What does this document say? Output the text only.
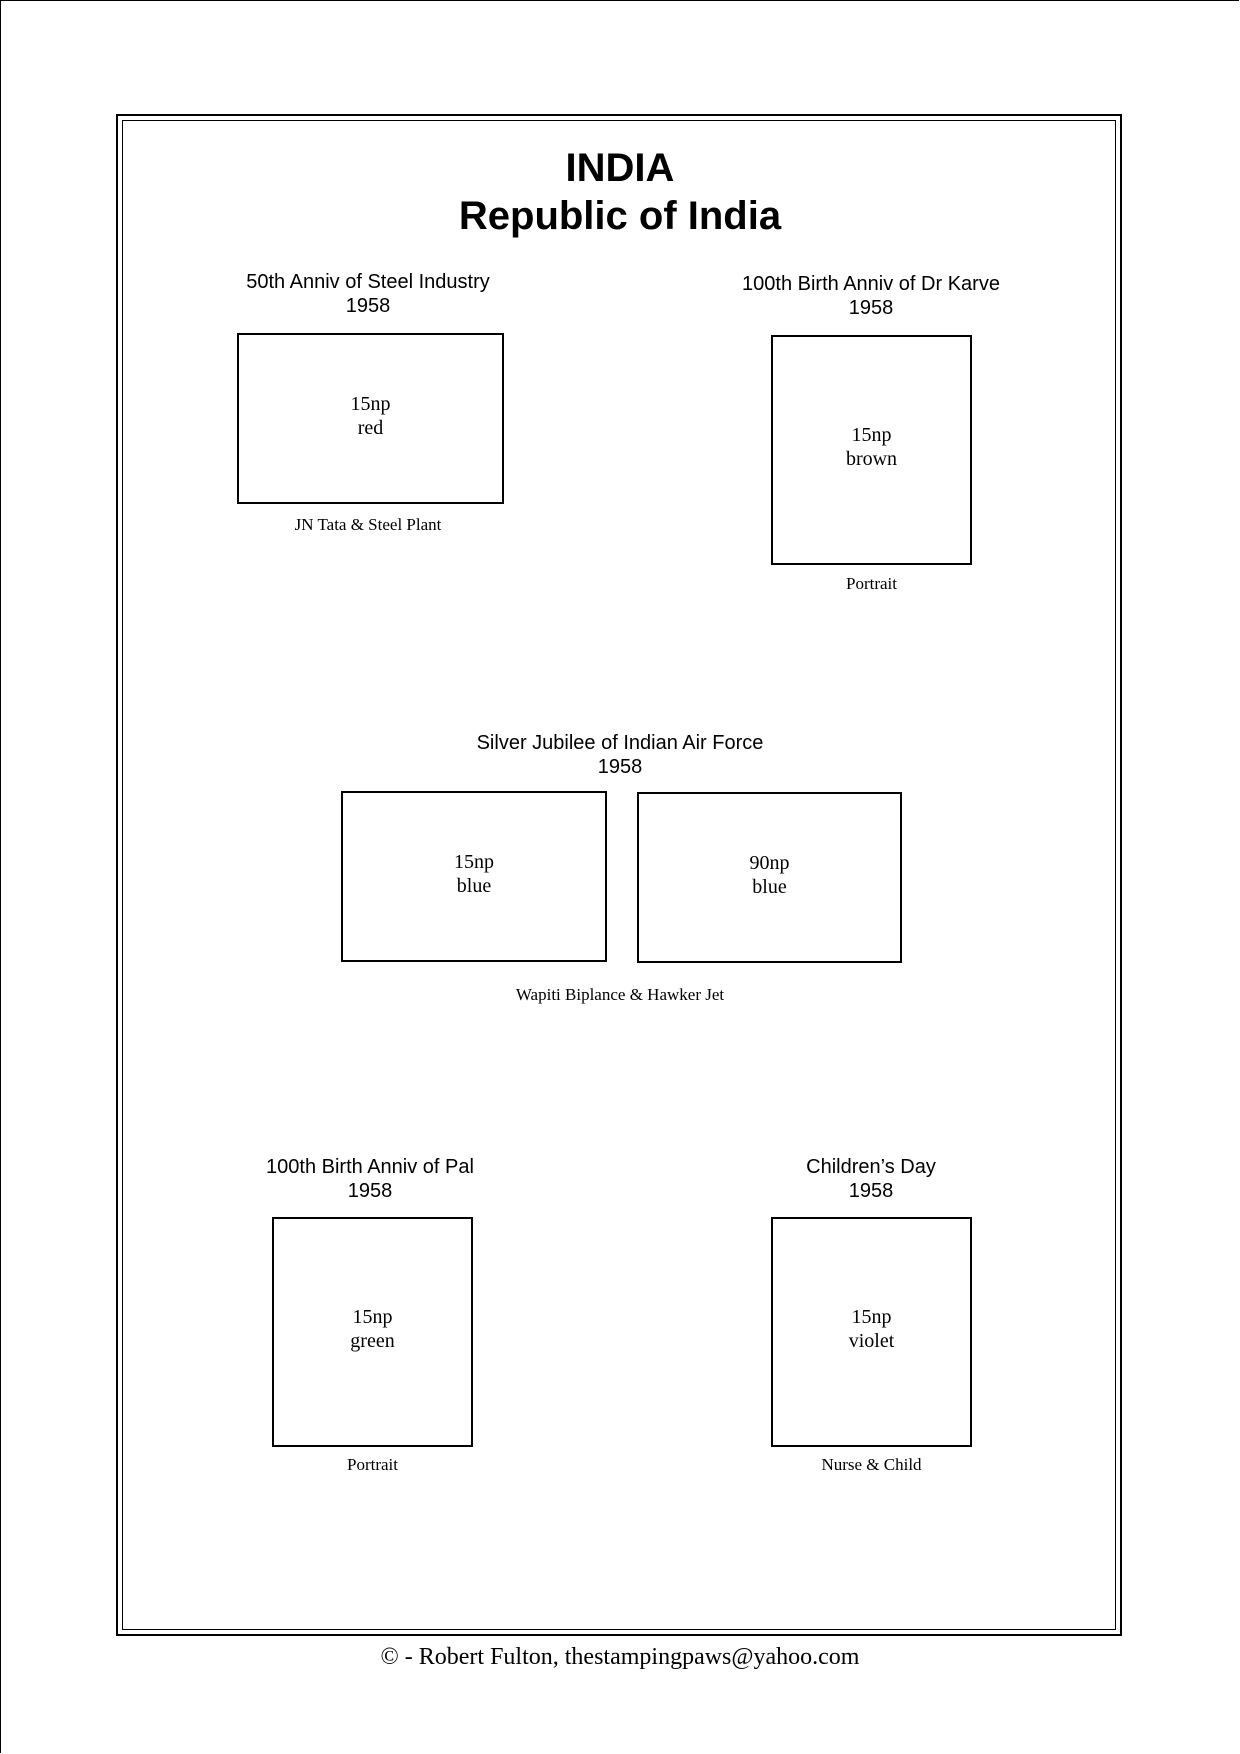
INDIA
Republic of India
50th Anniv of Steel Industry
1958
15np
red
JN Tata & Steel Plant
100th Birth Anniv of Dr Karve
1958
15np
brown
Portrait
Silver Jubilee of Indian Air Force
1958
15np
blue
90np
blue
Wapiti Biplance & Hawker Jet
100th Birth Anniv of Pal
1958
15np
green
Portrait
Children’s Day
1958
15np
violet
Nurse & Child
© - Robert Fulton, thestampingpaws@yahoo.com
